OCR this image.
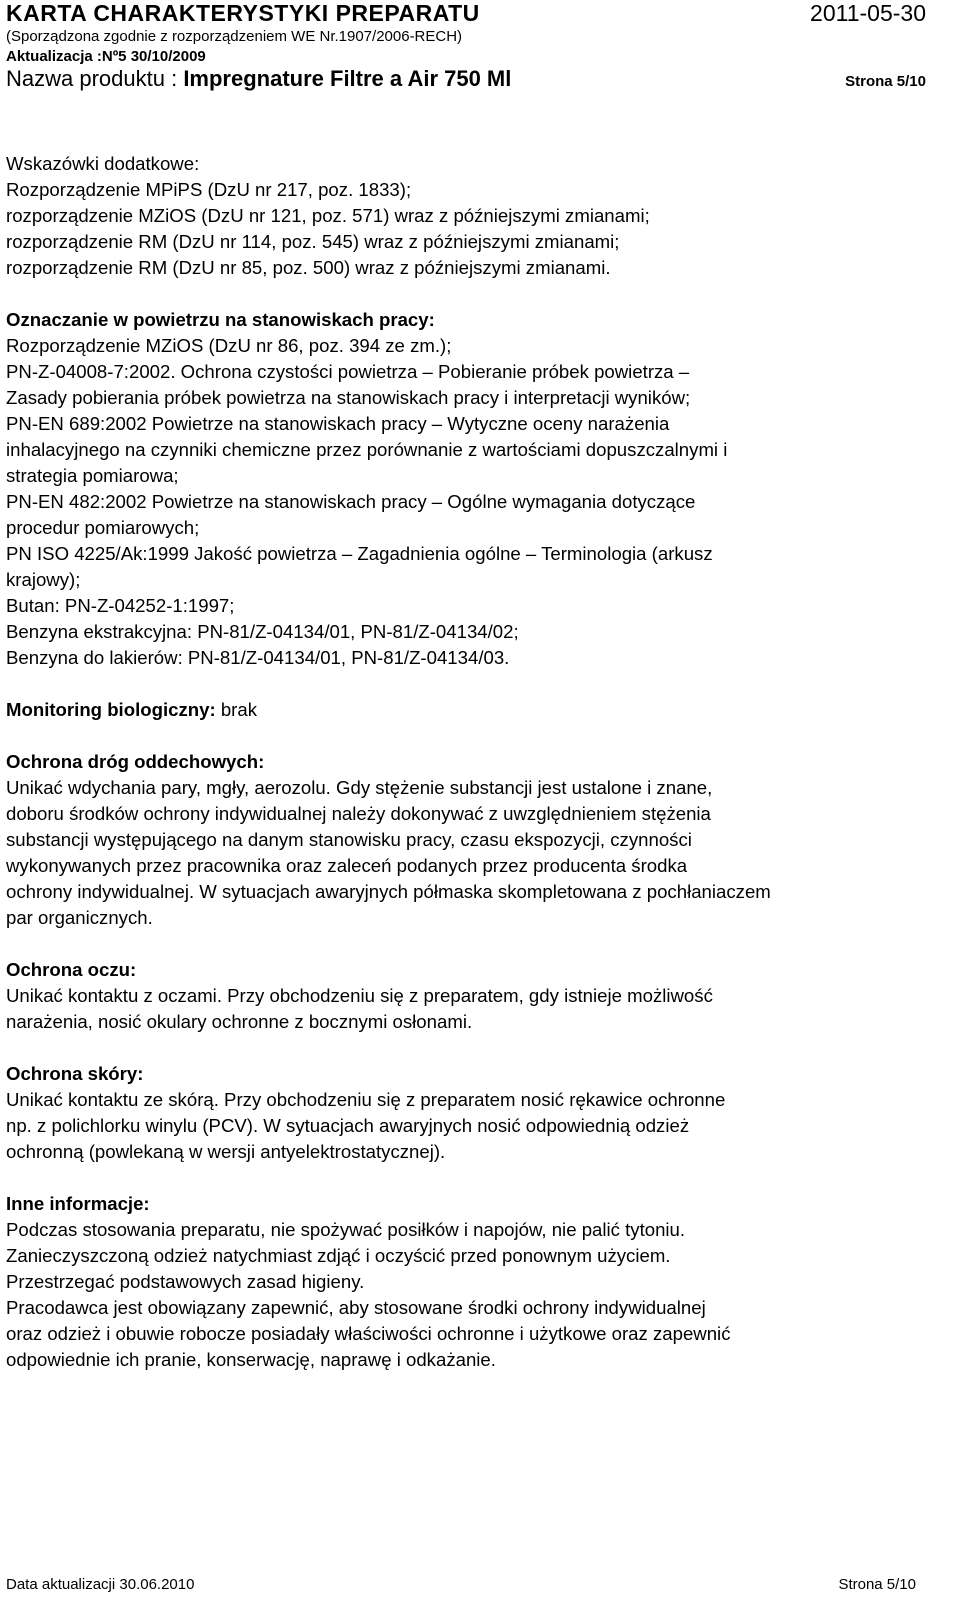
KARTA CHARAKTERYSTYKI PREPARATU	2011-05-30
(Sporządzona zgodnie z rozporządzeniem WE Nr.1907/2006-RECH)
Aktualizacja :Nº5 30/10/2009
Nazwa produktu : Impregnature Filtre a Air 750 Ml	Strona 5/10
Wskazówki dodatkowe:
Rozporządzenie MPiPS (DzU nr 217, poz. 1833);
rozporządzenie MZiOS (DzU nr 121, poz. 571) wraz z późniejszymi zmianami;
rozporządzenie RM (DzU nr 114, poz. 545) wraz z późniejszymi zmianami;
rozporządzenie RM (DzU nr 85, poz. 500) wraz z późniejszymi zmianami.
Oznaczanie w powietrzu na stanowiskach pracy:
Rozporządzenie MZiOS (DzU nr 86, poz. 394 ze zm.);
PN-Z-04008-7:2002. Ochrona czystości powietrza – Pobieranie próbek powietrza –
Zasady pobierania próbek powietrza na stanowiskach pracy i interpretacji wyników;
PN-EN 689:2002 Powietrze na stanowiskach pracy – Wytyczne oceny narażenia
inhalacyjnego na czynniki chemiczne przez porównanie z wartościami dopuszczalnymi i
strategia pomiarowa;
PN-EN 482:2002 Powietrze na stanowiskach pracy – Ogólne wymagania dotyczące
procedur pomiarowych;
PN ISO 4225/Ak:1999 Jakość powietrza – Zagadnienia ogólne – Terminologia (arkusz
krajowy);
Butan: PN-Z-04252-1:1997;
Benzyna ekstrakcyjna: PN-81/Z-04134/01, PN-81/Z-04134/02;
Benzyna do lakierów: PN-81/Z-04134/01, PN-81/Z-04134/03.
Monitoring biologiczny: brak
Ochrona dróg oddechowych:
Unikać wdychania pary, mgły, aerozolu. Gdy stężenie substancji jest ustalone i znane,
doboru środków ochrony indywidualnej należy dokonywać z uwzględnieniem stężenia
substancji występującego na danym stanowisku pracy, czasu ekspozycji, czynności
wykonywanych przez pracownika oraz zaleceń podanych przez producenta środka
ochrony indywidualnej. W sytuacjach awaryjnych półmaska skompletowana z pochłaniaczem
par organicznych.
Ochrona oczu:
Unikać kontaktu z oczami. Przy obchodzeniu się z preparatem, gdy istnieje możliwość
narażenia, nosić okulary ochronne z bocznymi osłonami.
Ochrona skóry:
Unikać kontaktu ze skórą. Przy obchodzeniu się z preparatem nosić rękawice ochronne
np. z polichlorku winylu (PCV). W sytuacjach awaryjnych nosić odpowiednią odzież
ochronną (powlekaną w wersji antyelektrostatycznej).
Inne informacje:
Podczas stosowania preparatu, nie spożywać posiłków i napojów, nie palić tytoniu.
Zanieczyszczoną odzież natychmiast zdjąć i oczyścić przed ponownym użyciem.
Przestrzegać podstawowych zasad higieny.
Pracodawca jest obowiązany zapewnić, aby stosowane środki ochrony indywidualnej
oraz odzież i obuwie robocze posiadały właściwości ochronne i użytkowe oraz zapewnić
odpowiednie ich pranie, konserwację, naprawę i odkażanie.
Data aktualizacji 30.06.2010	Strona 5/10
